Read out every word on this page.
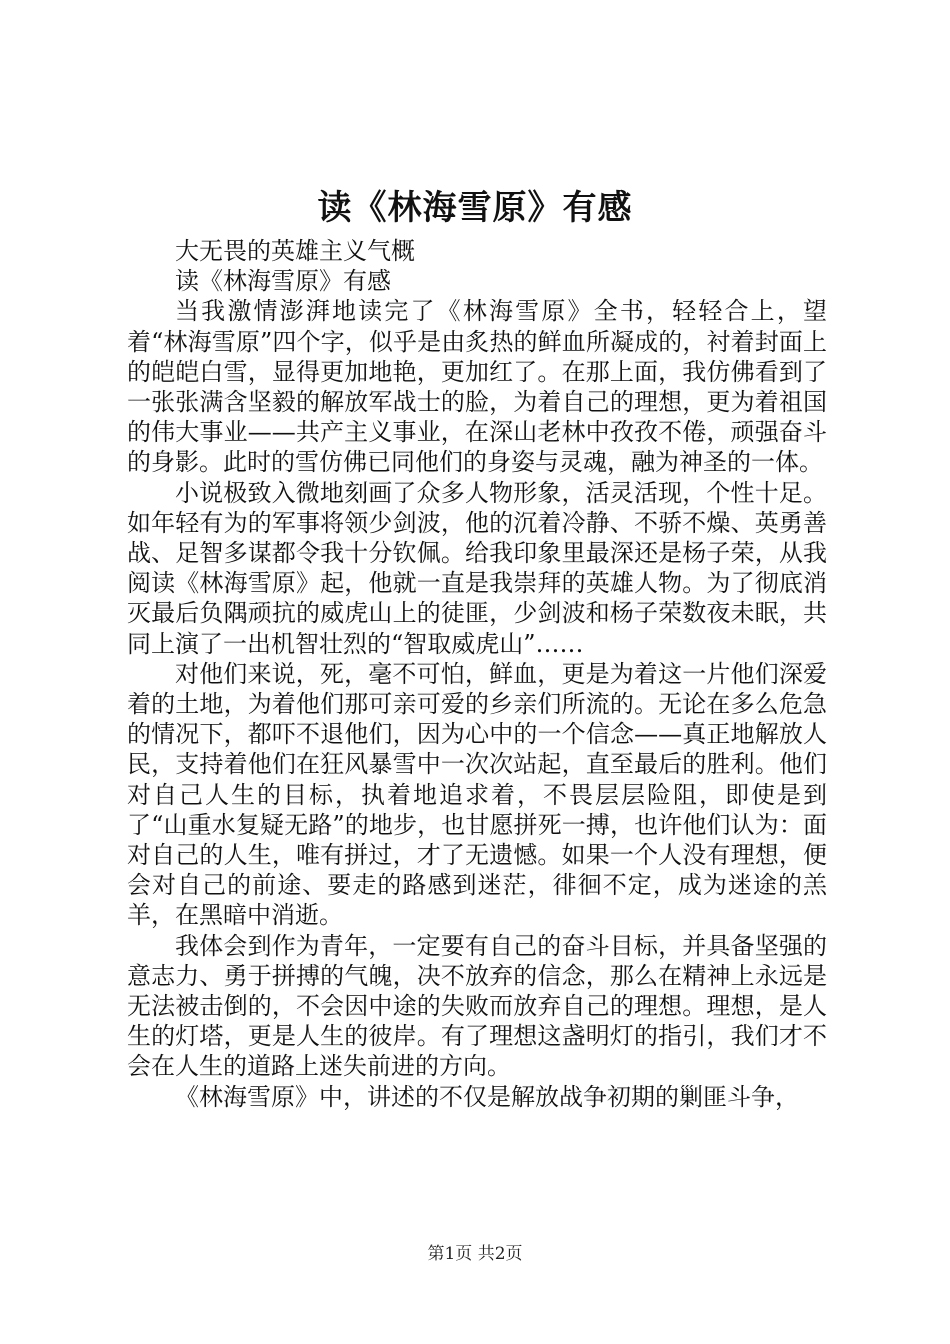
读《林海雪原》有感

大无畏的英雄主义气概

读《林海雪原》有感

当我激情澎湃地读完了《林海雪原》全书，轻轻合上，望着“林海雪原”四个字，似乎是由炙热的鲜血所凝成的，衬着封面上的皑皑白雪，显得更加地艳，更加红了。在那上面，我仿佛看到了一张张满含坚毅的解放军战士的脸，为着自己的理想，更为着祖国的伟大事业——共产主义事业，在深山老林中孜孜不倦，顽强奋斗的身影。此时的雪仿佛已同他们的身姿与灵魂，融为神圣的一体。

小说极致入微地刻画了众多人物形象，活灵活现，个性十足。如年轻有为的军事将领少剑波，他的沉着冷静、不骄不燥、英勇善战、足智多谋都令我十分钦佩。给我印象里最深还是杨子荣，从我阅读《林海雪原》起，他就一直是我崇拜的英雄人物。为了彻底消灭最后负隅顽抗的威虎山上的徒匪，少剑波和杨子荣数夜未眠，共同上演了一出机智壮烈的“智取威虎山”……

对他们来说，死，毫不可怕，鲜血，更是为着这一片他们深爱着的土地，为着他们那可亲可爱的乡亲们所流的。无论在多么危急的情况下，都吓不退他们，因为心中的一个信念——真正地解放人民，支持着他们在狂风暴雪中一次次站起，直至最后的胜利。他们对自己人生的目标，执着地追求着，不畏层层险阻，即使是到了“山重水复疑无路”的地步，也甘愿拼死一搏，也许他们认为：面对自己的人生，唯有拼过，才了无遗憾。如果一个人没有理想，便会对自己的前途、要走的路感到迷茫，徘徊不定，成为迷途的羔羊，在黑暗中消逝。

我体会到作为青年，一定要有自己的奋斗目标，并具备坚强的意志力、勇于拼搏的气魄，决不放弃的信念，那么在精神上永远是无法被击倒的，不会因中途的失败而放弃自己的理想。理想，是人生的灯塔，更是人生的彼岸。有了理想这盏明灯的指引，我们才不会在人生的道路上迷失前进的方向。

《林海雪原》中，讲述的不仅是解放战争初期的剿匪斗争，

第1页 共2页
